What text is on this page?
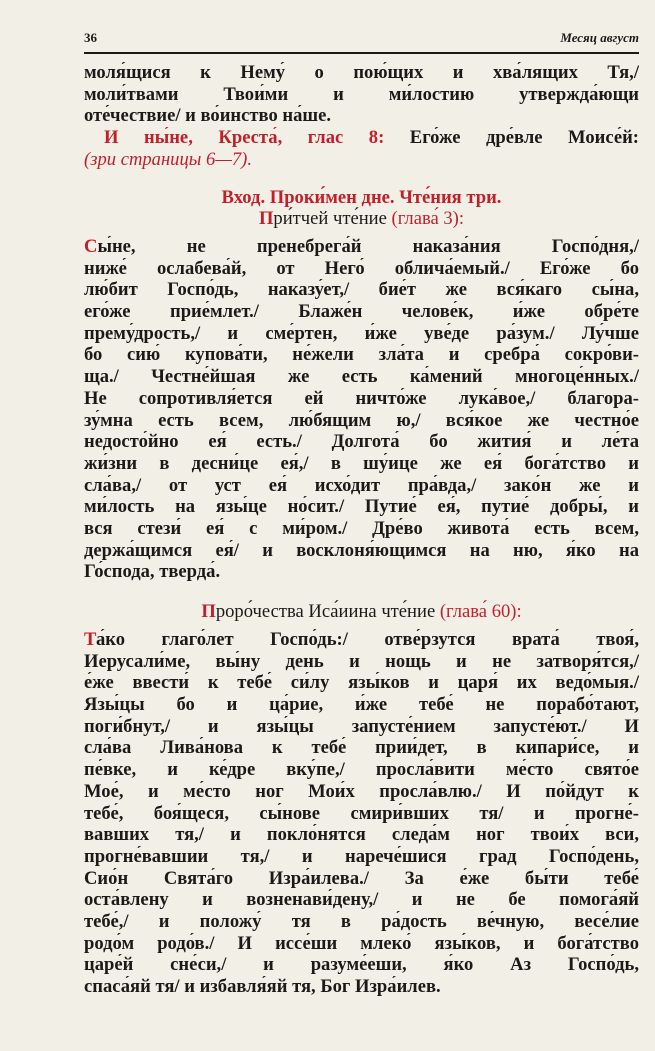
36	Месяц август
моля́щися к Нему́ о пою́щих и хва́лящих Тя,/
моли́твами Твои́ми и ми́лостию утвержда́ющи
оте́чествие/ и во́инство на́ше.
И ны́не, Креста́, глас 8: Его́же дре́вле Моисе́й:
(зри страницы 6—7).
Вход. Проки́мен дне. Чте́ния три.
При́тчей чте́ние (глава́ 3):
Сы́не, не пренебрега́й наказа́ния Госпо́дня,/
ниже́ ослабева́й, от Него́ облича́емый./ Его́же бо
лю́бит Госпо́дь, наказу́ет,/ бие́т же вся́каго сы́на,
его́же прие́млет./ Блаже́н челове́к, и́же обре́те
прему́дрость,/ и сме́ртен, и́же уве́де ра́зум./ Лу́чше
бо сию́ купова́ти, не́жели зла́та и сребра́ сокро́ви-
ща./ Честне́йшая же есть ка́мений многоце́нных./
Не сопротивля́ется ей ничто́же лука́вое,/ благора-
зу́мна есть всем, лю́бящим ю,/ вся́кое же честно́е
недосто́йно ея́ есть./ Долгота́ бо жития́ и ле́та
жи́зни в десни́це ея́,/ в шу́ице же ея́ бога́тство и
сла́ва,/ от уст ея́ исхо́дит пра́вда,/ зако́н же и
ми́лость на язы́це но́сит./ Путие́ ея́, путие́ добры́, и
вся стези́ ея́ с ми́ром./ Дре́во живота́ есть всем,
держа́щимся ея́/ и восклоня́ющимся на ню, я́ко на
Го́спода, тверда́.
Проро́чества Иса́иина чте́ние (глава́ 60):
Та́ко глаго́лет Госпо́дь:/ отве́рзутся врата́ твоя́,
Иерусали́ме, вы́ну день и нощь и не затворя́тся,/
е́же ввести́ к тебе́ си́лу язы́ков и царя́ их ведо́мыя./
Язы́цы бо и ца́рие, и́же тебе́ не порабо́тают,
поги́бнут,/ и язы́цы запусте́нием запусте́ют./ И
сла́ва Лива́нова к тебе́ прии́дет, в кипари́се, и
пе́вке, и ке́дре вку́пе,/ просла́вити ме́сто свято́е
Мое́, и ме́сто ног Мои́х просла́влю./ И по́йдут к
тебе́, боя́щеся, сы́нове смири́вших тя/ и прогне́-
вавших тя,/ и покло́нятся следа́м ног твои́х вси,
прогне́вавшии тя,/ и нарече́шися град Госпо́день,
Сио́н Свята́го Изра́илева./ За е́же бы́ти тебе́
оста́влену и возненави́дену,/ и не бе помога́яй
тебе́,/ и положу́ тя в ра́дость ве́чную, весе́лие
родо́м родо́в./ И иссе́ши млеко́ язы́ков, и бога́тство
царе́й сне́си,/ и разуме́еши, я́ко Аз Госпо́дь,
спаса́яй тя/ и избавля́яй тя, Бог Изра́илев.
